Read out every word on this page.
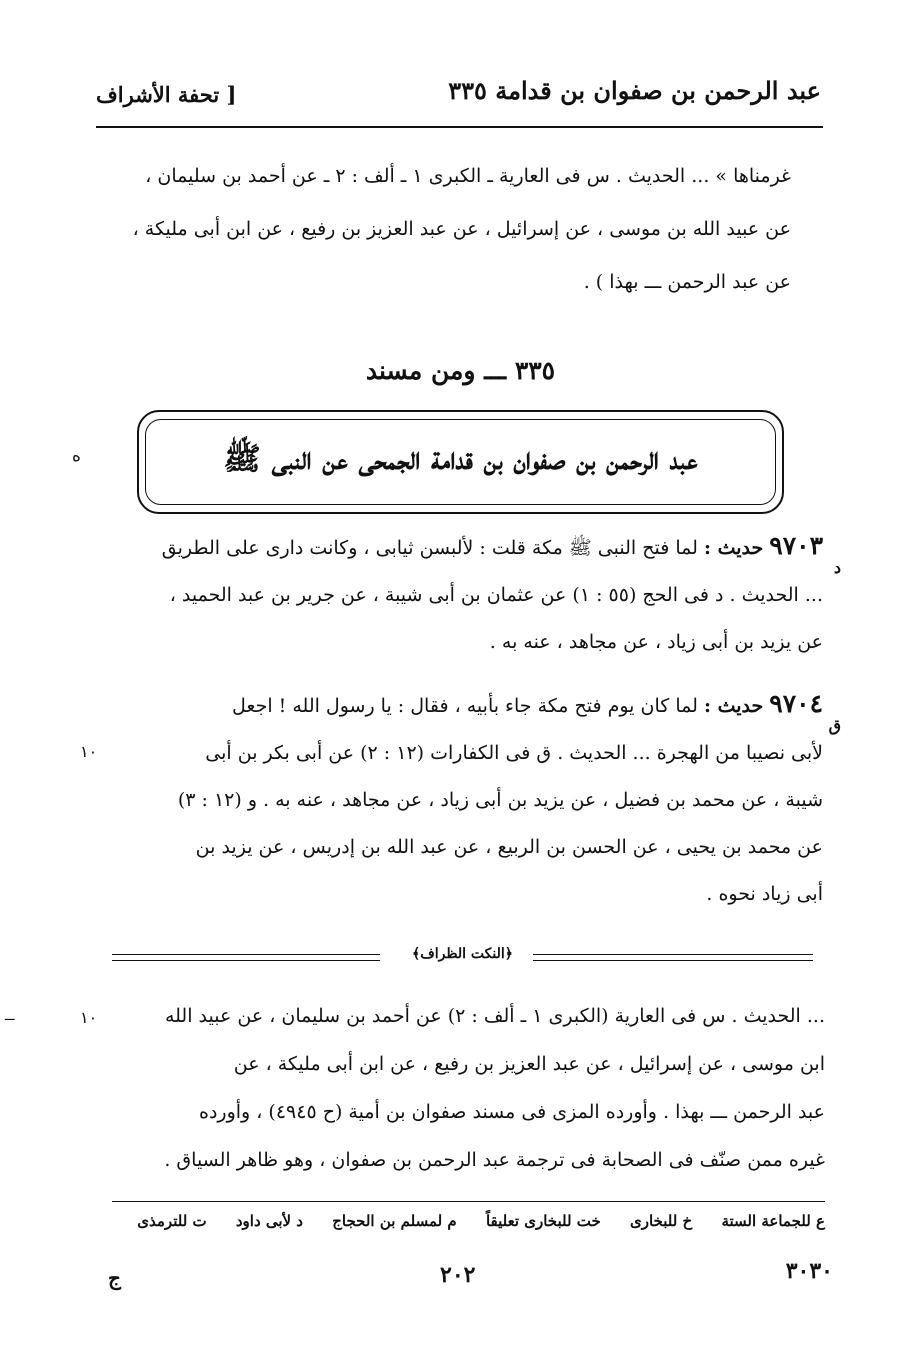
عبد الرحمن بن صفوان بن قدامة ٣٣٥
[ تحفة الأشراف

غرمناها » ... الحديث . س فى العارية ـ الكبرى ١ ـ ألف : ٢ ـ عن أحمد بن سليمان ،

عن عبيد الله بن موسى ، عن إسرائيل ، عن عبد العزيز بن رفيع ، عن ابن أبى مليكة ،

عن عبد الرحمن ـــ بهذا ) .

٣٣٥ ـــ ومن مسند
عبد الرحمن بن صفوان بن قدامة الجمحى عن النبى ﷺ
ه

٩٧٠٣ حديث : لما فتح النبى ﷺ مكة قلت : لألبسن ثيابى ، وكانت دارى على الطريق

... الحديث . د فى الحج (٥٥ : ١) عن عثمان بن أبى شيبة ، عن جرير بن عبد الحميد ،

عن يزيد بن أبى زياد ، عن مجاهد ، عنه به .

د

٩٧٠٤ حديث : لما كان يوم فتح مكة جاء بأبيه ، فقال : يا رسول الله ! اجعل

لأبى نصيبا من الهجرة ... الحديث . ق فى الكفارات (١٢ : ٢) عن أبى بكر بن أبى

شيبة ، عن محمد بن فضيل ، عن يزيد بن أبى زياد ، عن مجاهد ، عنه به . و (١٢ : ٣)

عن محمد بن يحيى ، عن الحسن بن الربيع ، عن عبد الله بن إدريس ، عن يزيد بن

أبى زياد نحوه .

ق
١٠
﴿النكت الظراف﴾
‒	١٠	... الحديث . س فى العارية (الكبرى ١ ـ ألف : ٢) عن أحمد بن سليمان ، عن عبيد الله

ابن موسى ، عن إسرائيل ، عن عبد العزيز بن رفيع ، عن ابن أبى مليكة ، عن

عبد الرحمن ـــ بهذا . وأورده المزى فى مسند صفوان بن أمية (ح ٤٩٤٥) ، وأورده

غيره ممن صنّف فى الصحابة فى ترجمة عبد الرحمن بن صفوان ، وهو ظاهر السياق .

ع للجماعة الستة خ للبخارى خت للبخارى تعليقاً م لمسلم بن الحجاج د لأبى داود ت للترمذى
ج	٢٠٢	٣٠٣٠
